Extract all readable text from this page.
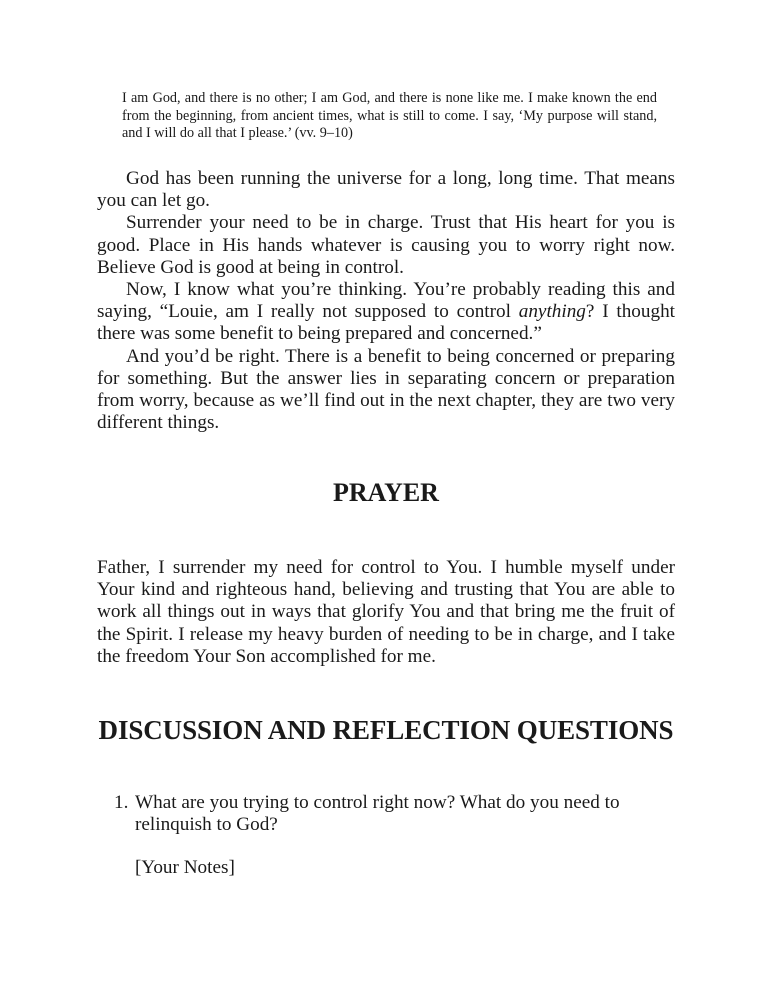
I am God, and there is no other; I am God, and there is none like me. I make known the end from the beginning, from ancient times, what is still to come. I say, ‘My purpose will stand, and I will do all that I please.’ (vv. 9–10)

God has been running the universe for a long, long time. That means you can let go.

Surrender your need to be in charge. Trust that His heart for you is good. Place in His hands whatever is causing you to worry right now. Believe God is good at being in control.

Now, I know what you’re thinking. You’re probably reading this and saying, “Louie, am I really not supposed to control anything? I thought there was some benefit to being prepared and concerned.”

And you’d be right. There is a benefit to being concerned or preparing for something. But the answer lies in separating concern or preparation from worry, because as we’ll find out in the next chapter, they are two very different things.

PRAYER

Father, I surrender my need for control to You. I humble myself under Your kind and righteous hand, believing and trusting that You are able to work all things out in ways that glorify You and that bring me the fruit of the Spirit. I release my heavy burden of needing to be in charge, and I take the freedom Your Son accomplished for me.

DISCUSSION AND REFLECTION QUESTIONS
1. What are you trying to control right now? What do you need to relinquish to God?

[Your Notes]
